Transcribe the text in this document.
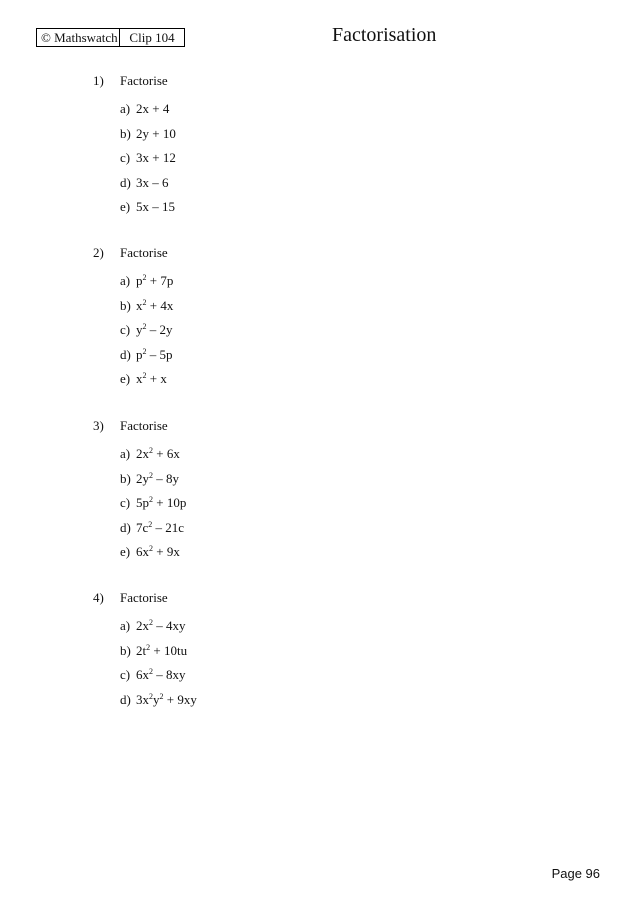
© Mathswatch Clip 104	Factorisation
1) Factorise
a) 2x + 4
b) 2y + 10
c) 3x + 12
d) 3x – 6
e) 5x – 15
2) Factorise
a) $p^2 + 7p$
b) $x^2 + 4x$
c) $y^2 - 2y$
d) $p^2 - 5p$
e) $x^2 + x$
3) Factorise
a) $2x^2 + 6x$
b) $2y^2 - 8y$
c) $5p^2 + 10p$
d) $7c^2 - 21c$
e) $6x^2 + 9x$
4) Factorise
a) $2x^2 - 4xy$
b) $2t^2 + 10tu$
c) $6x^2 - 8xy$
d) $3x^2y^2 + 9xy$
Page 96
